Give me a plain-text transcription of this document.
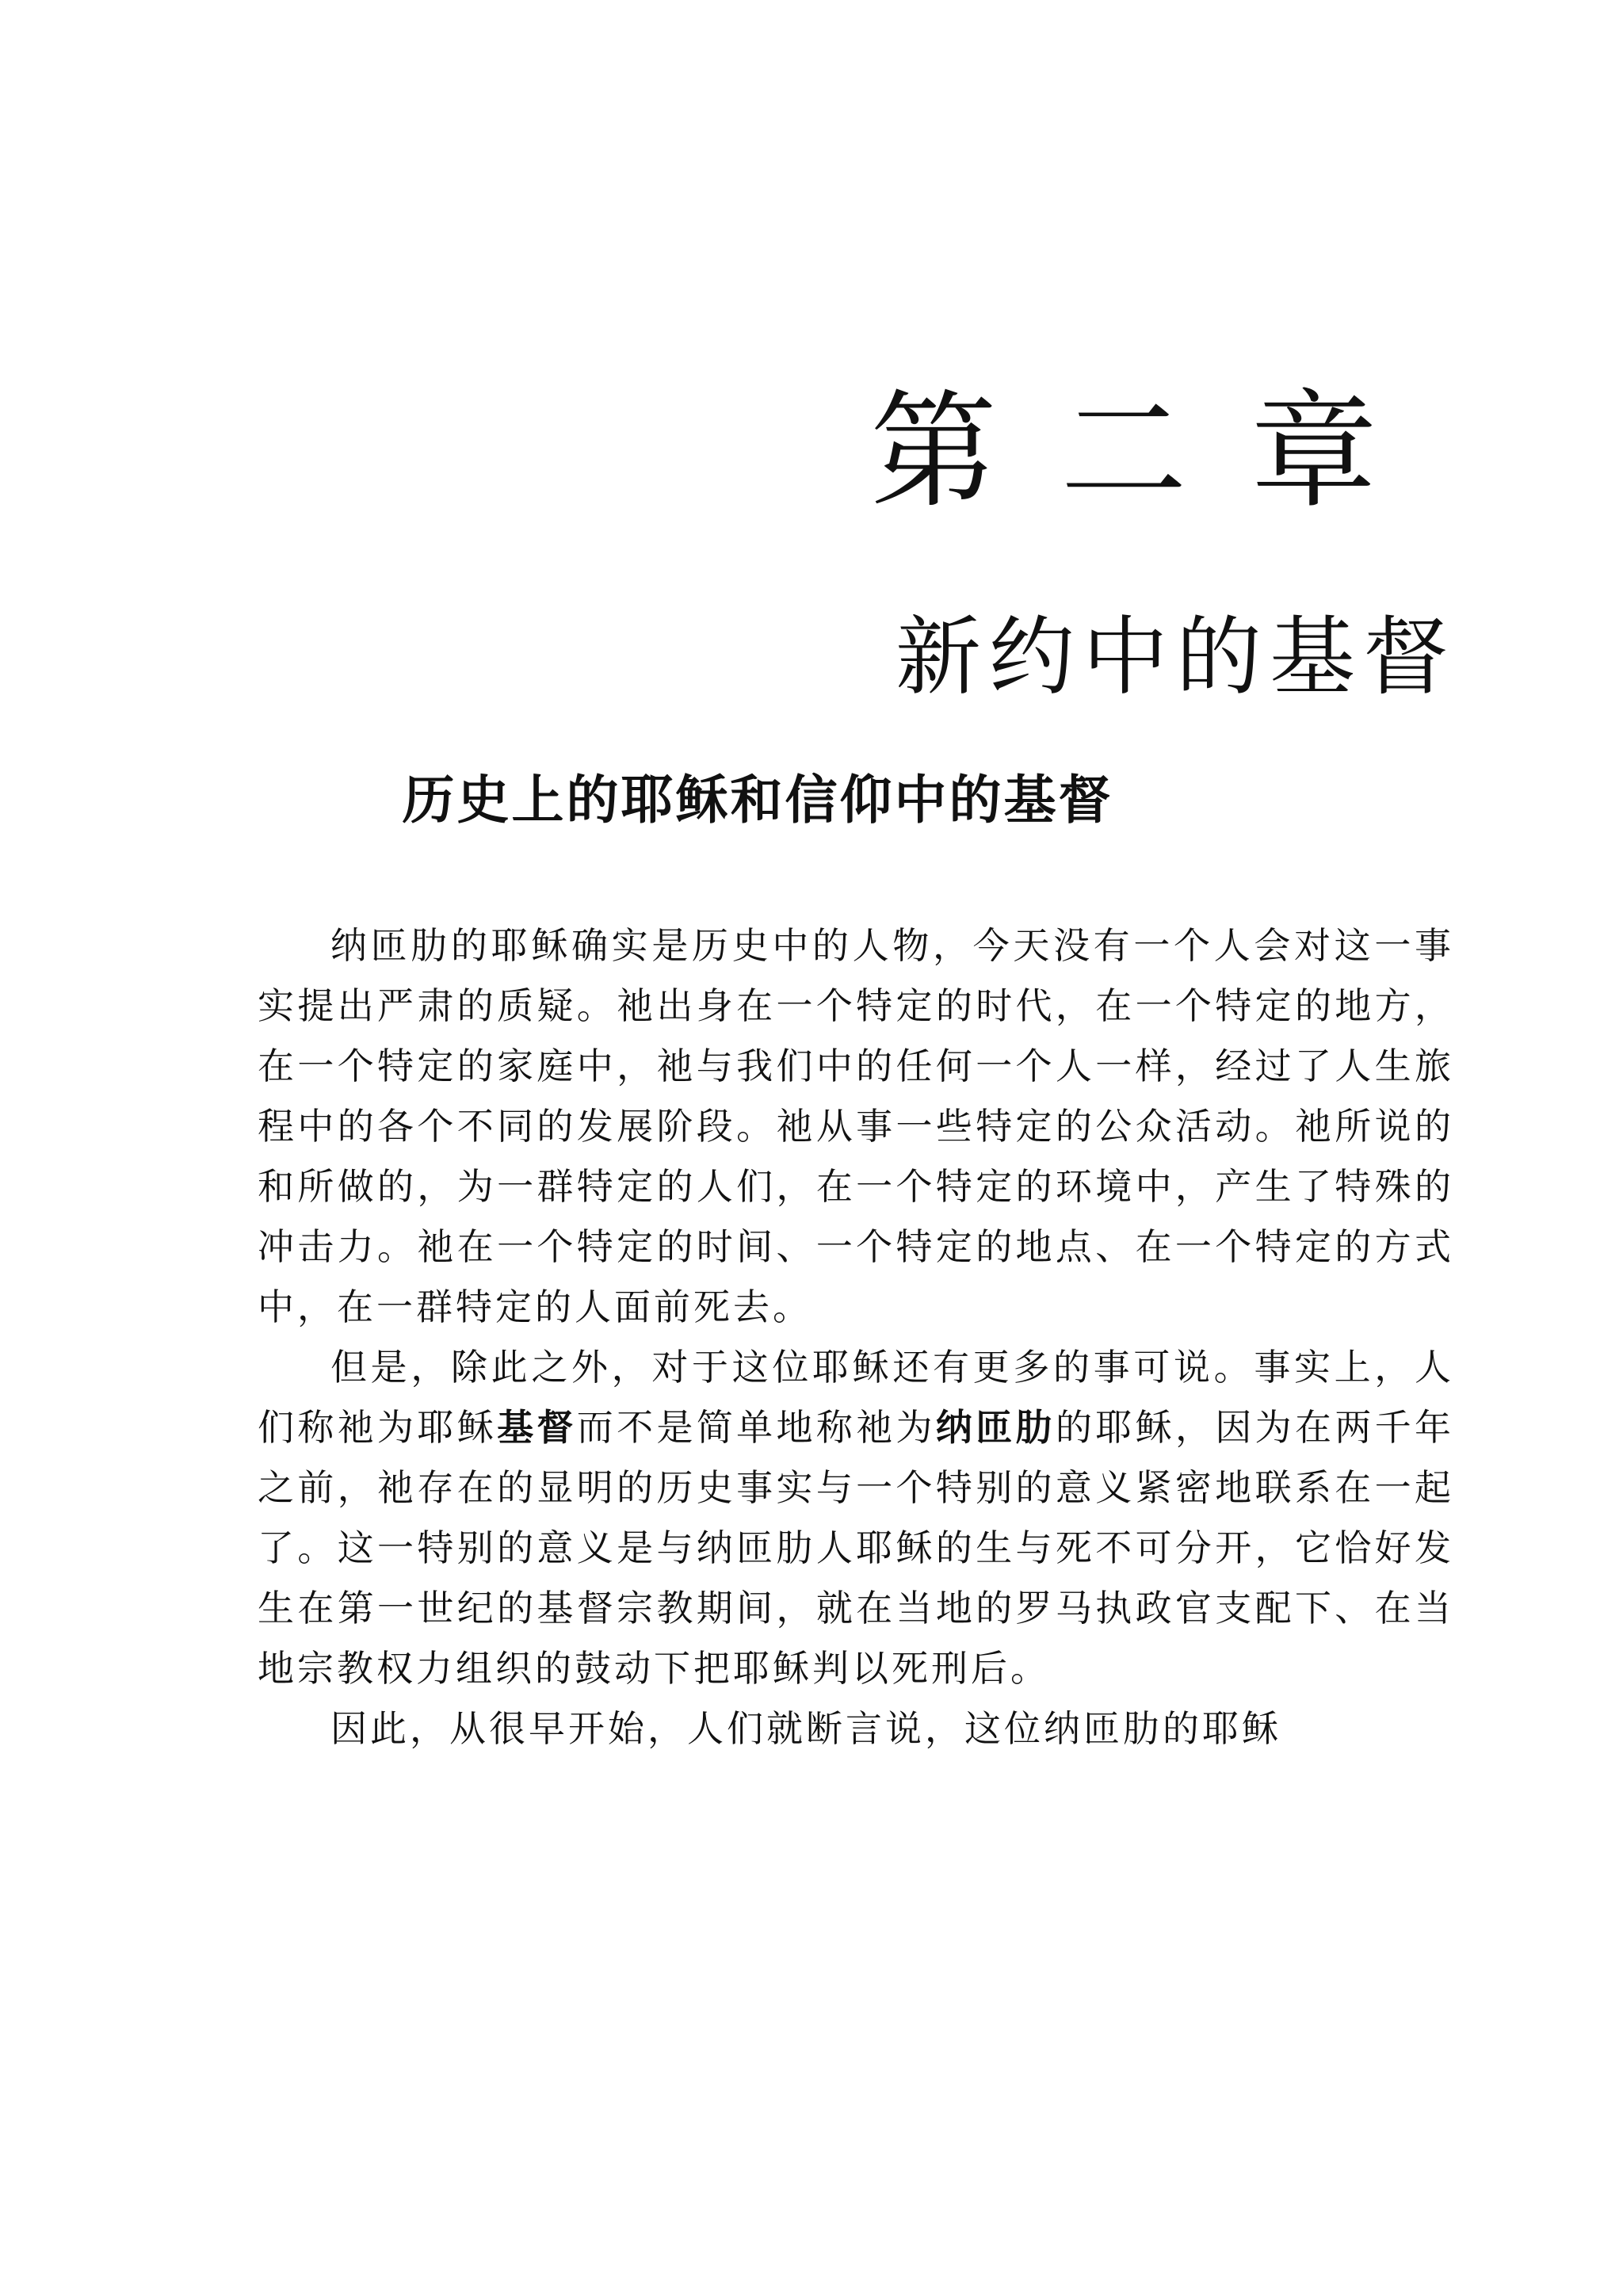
第二章
新约中的基督
历史上的耶稣和信仰中的基督

纳匝肋的耶稣确实是历史中的人物，今天没有一个人会对这一事实提出严肃的质疑。祂出身在一个特定的时代，在一个特定的地方，在一个特定的家庭中，祂与我们中的任何一个人一样，经过了人生旅程中的各个不同的发展阶段。祂从事一些特定的公众活动。祂所说的和所做的，为一群特定的人们，在一个特定的环境中，产生了特殊的冲击力。祂在一个特定的时间、一个特定的地点、在一个特定的方式中，在一群特定的人面前死去。

但是，除此之外，对于这位耶稣还有更多的事可说。事实上，人们称祂为耶稣基督而不是简单地称祂为纳匝肋的耶稣，因为在两千年之前，祂存在的显明的历史事实与一个特别的意义紧密地联系在一起了。这一特别的意义是与纳匝肋人耶稣的生与死不可分开，它恰好发生在第一世纪的基督宗教期间，就在当地的罗马执政官支配下、在当地宗教权力组织的鼓动下把耶稣判以死刑后。

因此，从很早开始，人们就断言说，这位纳匝肋的耶稣
